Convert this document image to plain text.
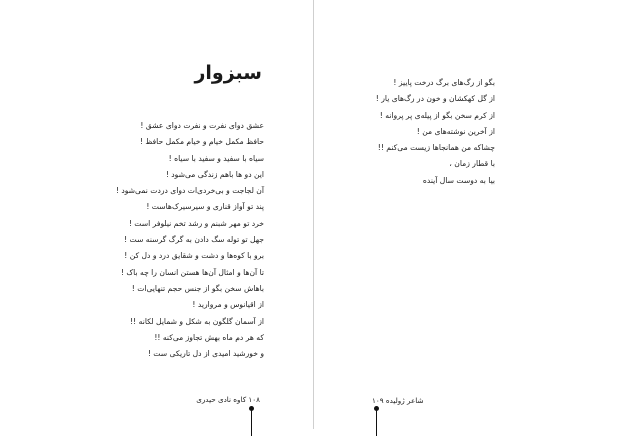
سبزوار
عشق دوای نفرت و نفرت دوای عشق !
حافظ مکمل خیام و خیام مکمل حافظ !
سیاه با سفید و سفید با سیاه !
این دو ها باهم زندگی می‌شود !
آن لجاجت و بی‌خردی‌ات دوای دردت نمی‌شود !
پند تو آواز قناری و سیرسیرک‌هاست !
خرد تو مهر شبنم و رشد تخم نیلوفر است !
جهل تو توله سگ دادن به گرگ گرسنه ست !
برو با کوه‌ها و دشت و شقایق درد و دل کن !
تا آن‌ها و امثال آن‌ها هستن انسان را چه باک !
باهاش سخن بگو از جنس حجم تنهایی‌ات !
از اقیانوس و مروارید !
از آسمان گلگون به شکل و شمایل لکانه !!
که هر دم ماه بهش تجاوز می‌کنه !!
و خورشید امیدی از دل تاریکی ست !
۱۰۸ کاوه نادی حیدری
بگو از رگ‌های برگ درخت پاییز !
از گل کهکشان و خون در رگ‌های یار !
از کرم سخن بگو از پیله‌ی پر پروانه !
از آخرین نوشته‌های من !
چشاکه من همانجاها زیست می‌کنم !!
با قطار زمان ،
بیا به دوست سال آینده
شاعر ژولیده ۱۰۹
